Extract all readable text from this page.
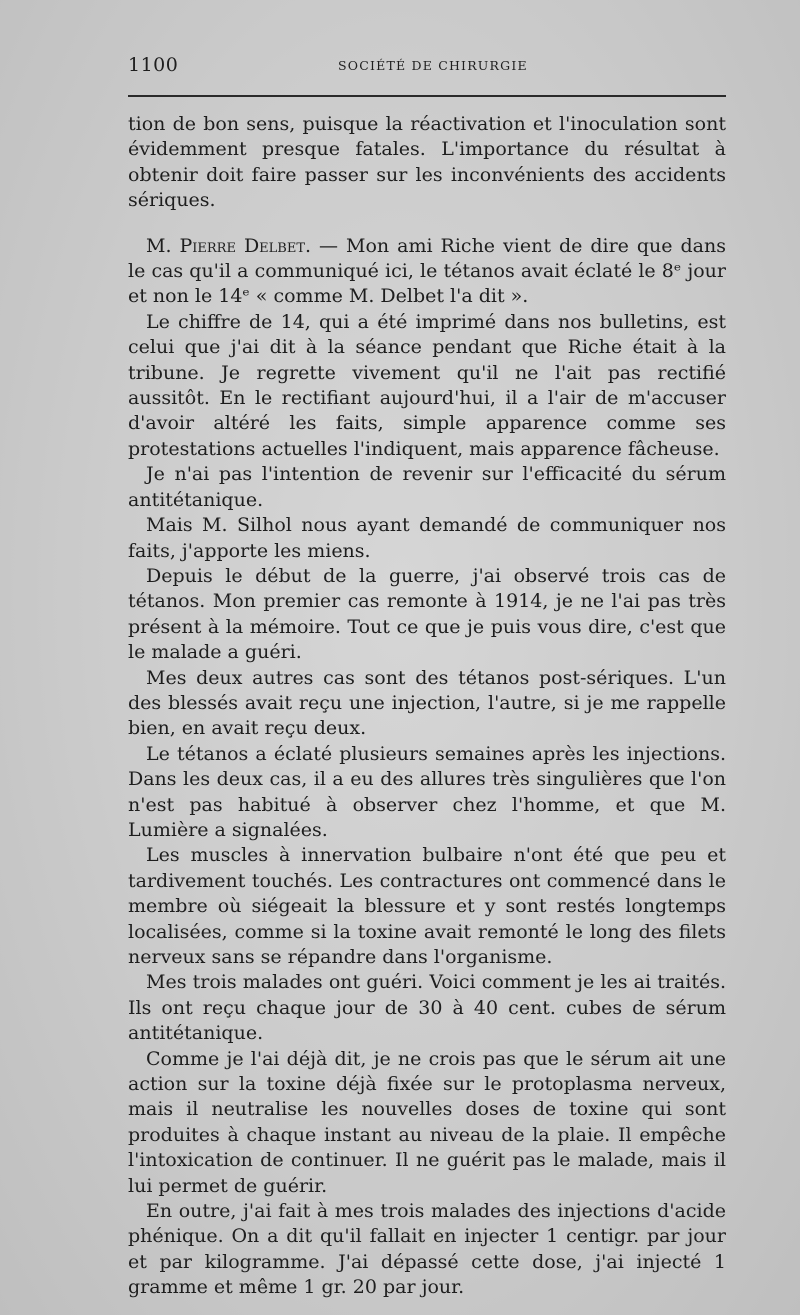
1100	SOCIÉTÉ DE CHIRURGIE

tion de bon sens, puisque la réactivation et l'inoculation sont évidemment presque fatales. L'importance du résultat à obtenir doit faire passer sur les inconvénients des accidents sériques.

M. Pierre Delbet. — Mon ami Riche vient de dire que dans le cas qu'il a communiqué ici, le tétanos avait éclaté le 8ᵉ jour et non le 14ᵉ « comme M. Delbet l'a dit ».

Le chiffre de 14, qui a été imprimé dans nos bulletins, est celui que j'ai dit à la séance pendant que Riche était à la tribune. Je regrette vivement qu'il ne l'ait pas rectifié aussitôt. En le rectifiant aujourd'hui, il a l'air de m'accuser d'avoir altéré les faits, simple apparence comme ses protestations actuelles l'indiquent, mais apparence fâcheuse.

Je n'ai pas l'intention de revenir sur l'efficacité du sérum antitétanique.

Mais M. Silhol nous ayant demandé de communiquer nos faits, j'apporte les miens.

Depuis le début de la guerre, j'ai observé trois cas de tétanos. Mon premier cas remonte à 1914, je ne l'ai pas très présent à la mémoire. Tout ce que je puis vous dire, c'est que le malade a guéri.

Mes deux autres cas sont des tétanos post-sériques. L'un des blessés avait reçu une injection, l'autre, si je me rappelle bien, en avait reçu deux.

Le tétanos a éclaté plusieurs semaines après les injections. Dans les deux cas, il a eu des allures très singulières que l'on n'est pas habitué à observer chez l'homme, et que M. Lumière a signalées.

Les muscles à innervation bulbaire n'ont été que peu et tardivement touchés. Les contractures ont commencé dans le membre où siégeait la blessure et y sont restés longtemps localisées, comme si la toxine avait remonté le long des filets nerveux sans se répandre dans l'organisme.

Mes trois malades ont guéri. Voici comment je les ai traités. Ils ont reçu chaque jour de 30 à 40 cent. cubes de sérum antitétanique.

Comme je l'ai déjà dit, je ne crois pas que le sérum ait une action sur la toxine déjà fixée sur le protoplasma nerveux, mais il neutralise les nouvelles doses de toxine qui sont produites à chaque instant au niveau de la plaie. Il empêche l'intoxication de continuer. Il ne guérit pas le malade, mais il lui permet de guérir.

En outre, j'ai fait à mes trois malades des injections d'acide phénique. On a dit qu'il fallait en injecter 1 centigr. par jour et par kilogramme. J'ai dépassé cette dose, j'ai injecté 1 gramme et même 1 gr. 20 par jour.
